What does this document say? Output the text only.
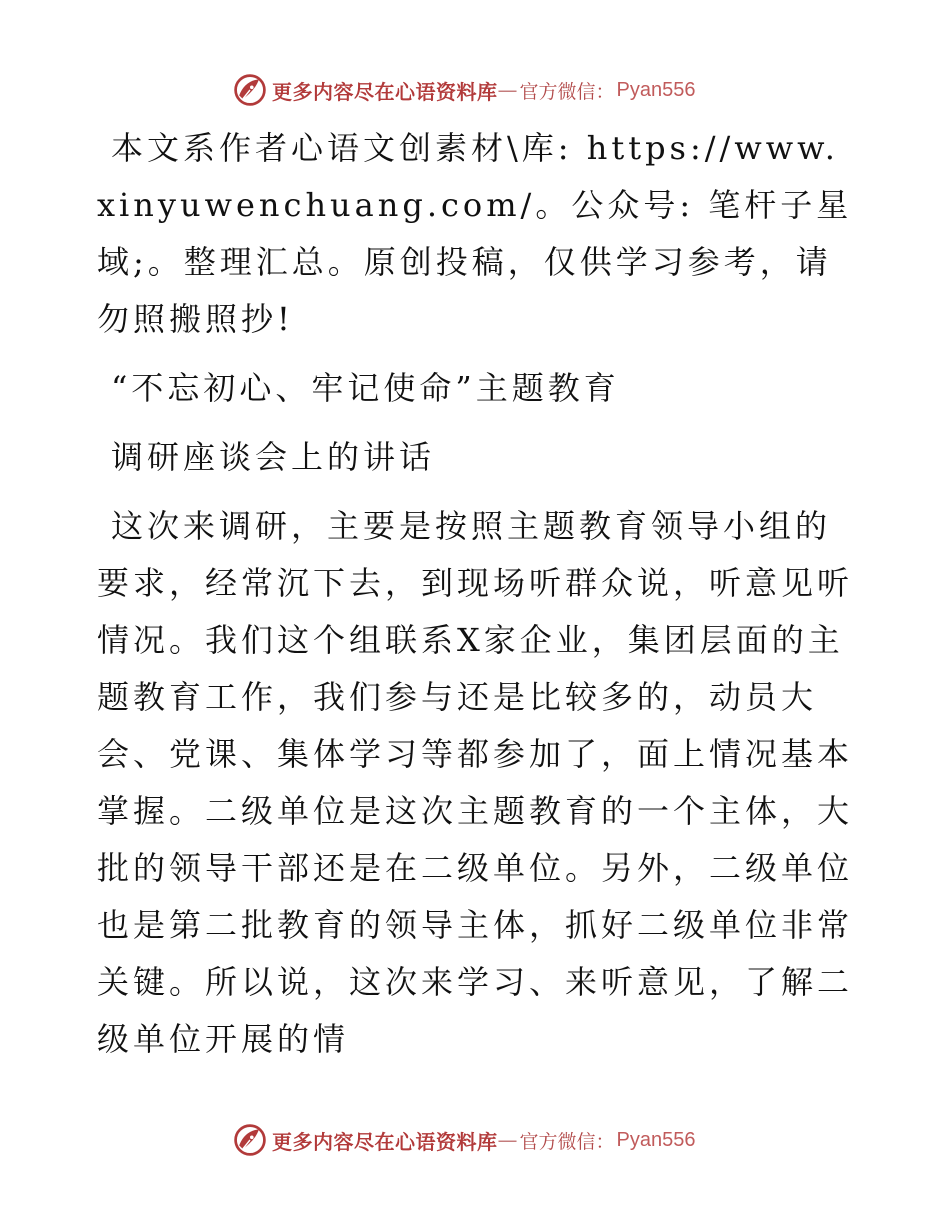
更多内容尽在心语资料库 — 官方微信： Pyan556

本文系作者心语文创素材\库: https://www.xinyuwenchuang.com/。公众号: 笔杆子星域;。整理汇总。原创投稿，仅供学习参考，请勿照搬照抄!

“不忘初心、牢记使命”主题教育

调研座谈会上的讲话

这次来调研，主要是按照主题教育领导小组的要求，经常沉下去，到现场听群众说，听意见听情况。我们这个组联系X家企业，集团层面的主题教育工作，我们参与还是比较多的，动员大会、党课、集体学习等都参加了，面上情况基本掌握。二级单位是这次主题教育的一个主体，大批的领导干部还是在二级单位。另外，二级单位也是第二批教育的领导主体，抓好二级单位非常关键。所以说，这次来学习、来听意见，了解二级单位开展的情

更多内容尽在心语资料库 — 官方微信： Pyan556
